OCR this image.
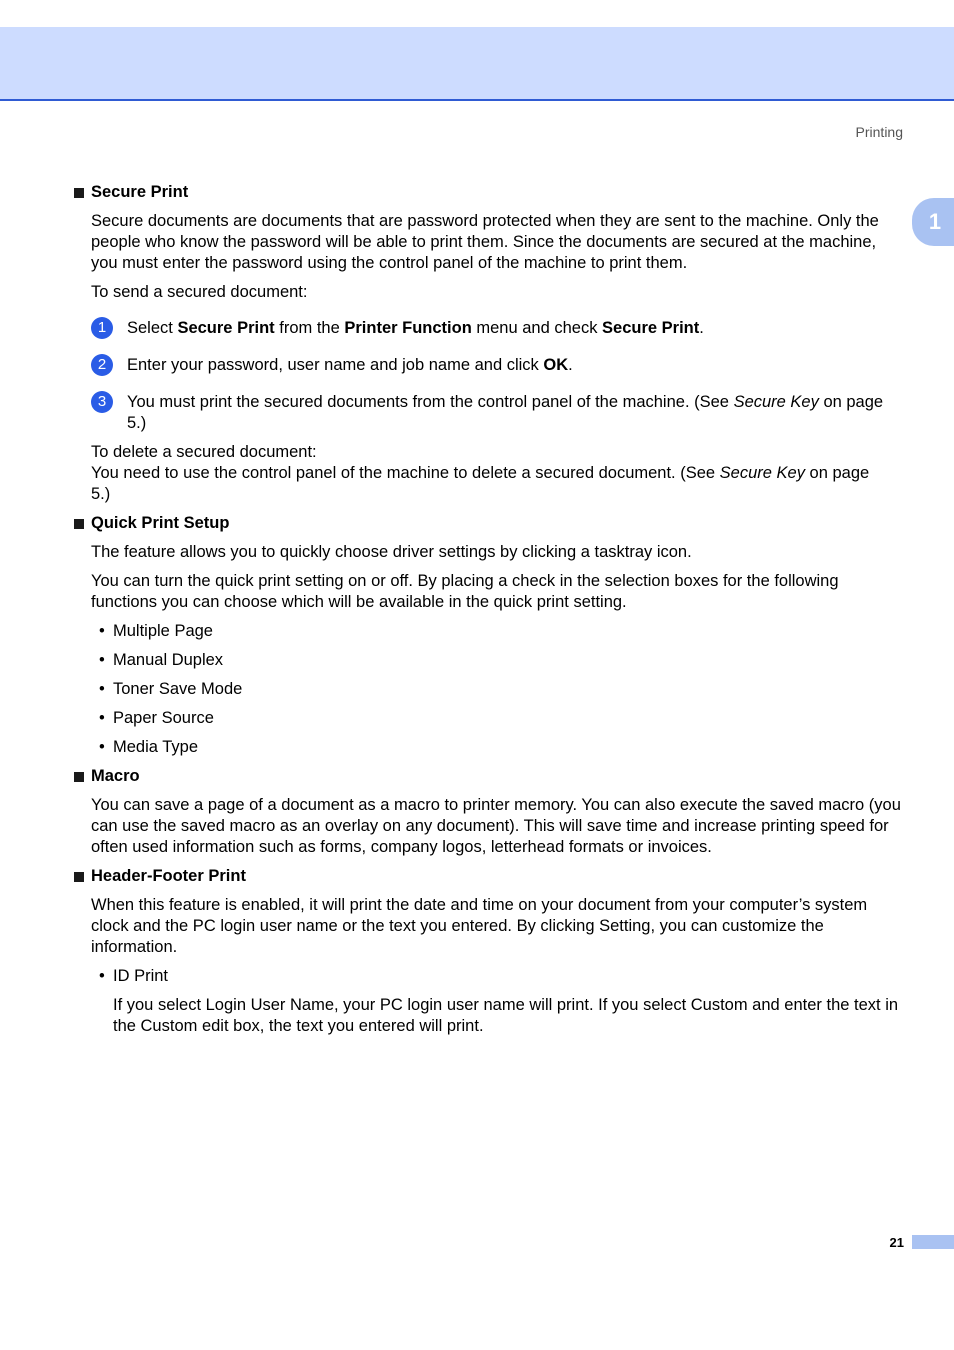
Printing
1
Secure Print
Secure documents are documents that are password protected when they are sent to the machine. Only the people who know the password will be able to print them. Since the documents are secured at the machine, you must enter the password using the control panel of the machine to print them.
To send a secured document:
1	Select Secure Print from the Printer Function menu and check Secure Print.
2	Enter your password, user name and job name and click OK.
3	You must print the secured documents from the control panel of the machine. (See Secure Key on page 5.)
To delete a secured document:
You need to use the control panel of the machine to delete a secured document. (See Secure Key on page 5.)
Quick Print Setup
The feature allows you to quickly choose driver settings by clicking a tasktray icon.
You can turn the quick print setting on or off. By placing a check in the selection boxes for the following functions you can choose which will be available in the quick print setting.
• Multiple Page
• Manual Duplex
• Toner Save Mode
• Paper Source
• Media Type
Macro
You can save a page of a document as a macro to printer memory. You can also execute the saved macro (you can use the saved macro as an overlay on any document). This will save time and increase printing speed for often used information such as forms, company logos, letterhead formats or invoices.
Header-Footer Print
When this feature is enabled, it will print the date and time on your document from your computer’s system clock and the PC login user name or the text you entered. By clicking Setting, you can customize the information.
• ID Print
If you select Login User Name, your PC login user name will print. If you select Custom and enter the text in the Custom edit box, the text you entered will print.
21
